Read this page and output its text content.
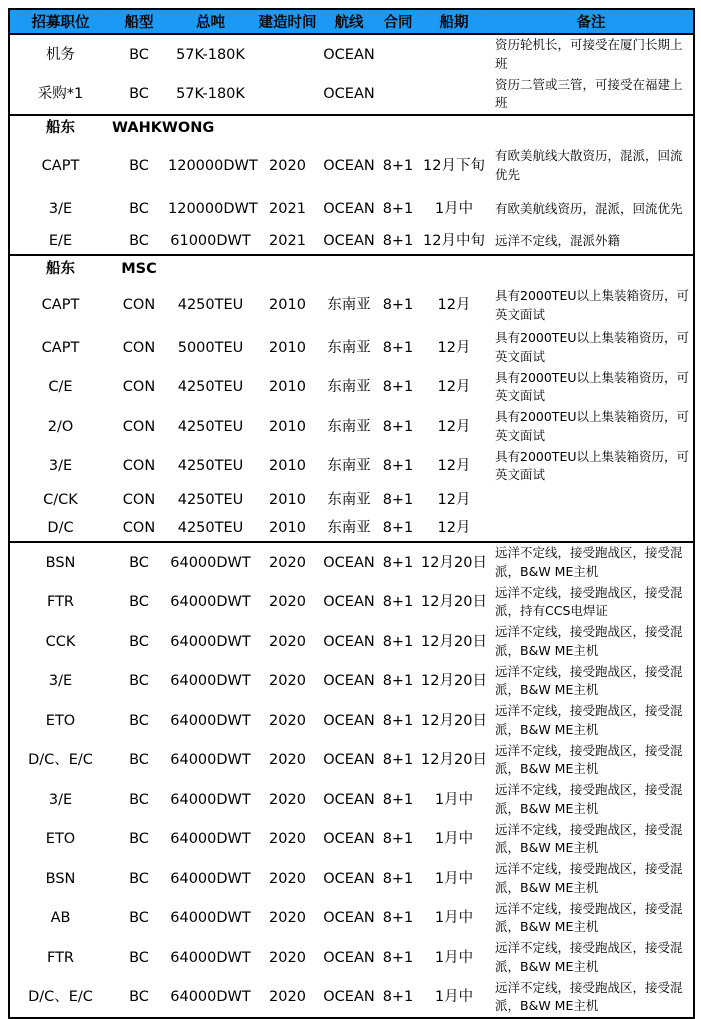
招募职位	船型	总吨	建造时间	航线	合同	船期	备注
机务	BC	57K-180K		OCEAN			资历轮机长，可接受在厦门长期上班
采购*1	BC	57K-180K		OCEAN			资历二管或三管，可接受在福建上班
船东	WAHKWONG						
CAPT	BC	120000DWT	2020	OCEAN	8+1	12月下旬	有欧美航线大散资历，混派，回流优先
3/E	BC	120000DWT	2021	OCEAN	8+1	1月中	有欧美航线资历，混派，回流优先
E/E	BC	61000DWT	2021	OCEAN	8+1	12月中旬	远洋不定线，混派外籍
船东	MSC						
CAPT	CON	4250TEU	2010	东南亚	8+1	12月	具有2000TEU以上集装箱资历，可英文面试
CAPT	CON	5000TEU	2010	东南亚	8+1	12月	具有2000TEU以上集装箱资历，可英文面试
C/E	CON	4250TEU	2010	东南亚	8+1	12月	具有2000TEU以上集装箱资历，可英文面试
2/O	CON	4250TEU	2010	东南亚	8+1	12月	具有2000TEU以上集装箱资历，可英文面试
3/E	CON	4250TEU	2010	东南亚	8+1	12月	具有2000TEU以上集装箱资历，可英文面试
C/CK	CON	4250TEU	2010	东南亚	8+1	12月	
D/C	CON	4250TEU	2010	东南亚	8+1	12月	
BSN	BC	64000DWT	2020	OCEAN	8+1	12月20日	远洋不定线，接受跑战区，接受混派，B&W ME主机
FTR	BC	64000DWT	2020	OCEAN	8+1	12月20日	远洋不定线，接受跑战区，接受混派，持有CCS电焊证
CCK	BC	64000DWT	2020	OCEAN	8+1	12月20日	远洋不定线，接受跑战区，接受混派，B&W ME主机
3/E	BC	64000DWT	2020	OCEAN	8+1	12月20日	远洋不定线，接受跑战区，接受混派，B&W ME主机
ETO	BC	64000DWT	2020	OCEAN	8+1	12月20日	远洋不定线，接受跑战区，接受混派，B&W ME主机
D/C、E/C	BC	64000DWT	2020	OCEAN	8+1	12月20日	远洋不定线，接受跑战区，接受混派，B&W ME主机
3/E	BC	64000DWT	2020	OCEAN	8+1	1月中	远洋不定线，接受跑战区，接受混派，B&W ME主机
ETO	BC	64000DWT	2020	OCEAN	8+1	1月中	远洋不定线，接受跑战区，接受混派，B&W ME主机
BSN	BC	64000DWT	2020	OCEAN	8+1	1月中	远洋不定线，接受跑战区，接受混派，B&W ME主机
AB	BC	64000DWT	2020	OCEAN	8+1	1月中	远洋不定线，接受跑战区，接受混派，B&W ME主机
FTR	BC	64000DWT	2020	OCEAN	8+1	1月中	远洋不定线，接受跑战区，接受混派，B&W ME主机
D/C、E/C	BC	64000DWT	2020	OCEAN	8+1	1月中	远洋不定线，接受跑战区，接受混派，B&W ME主机
